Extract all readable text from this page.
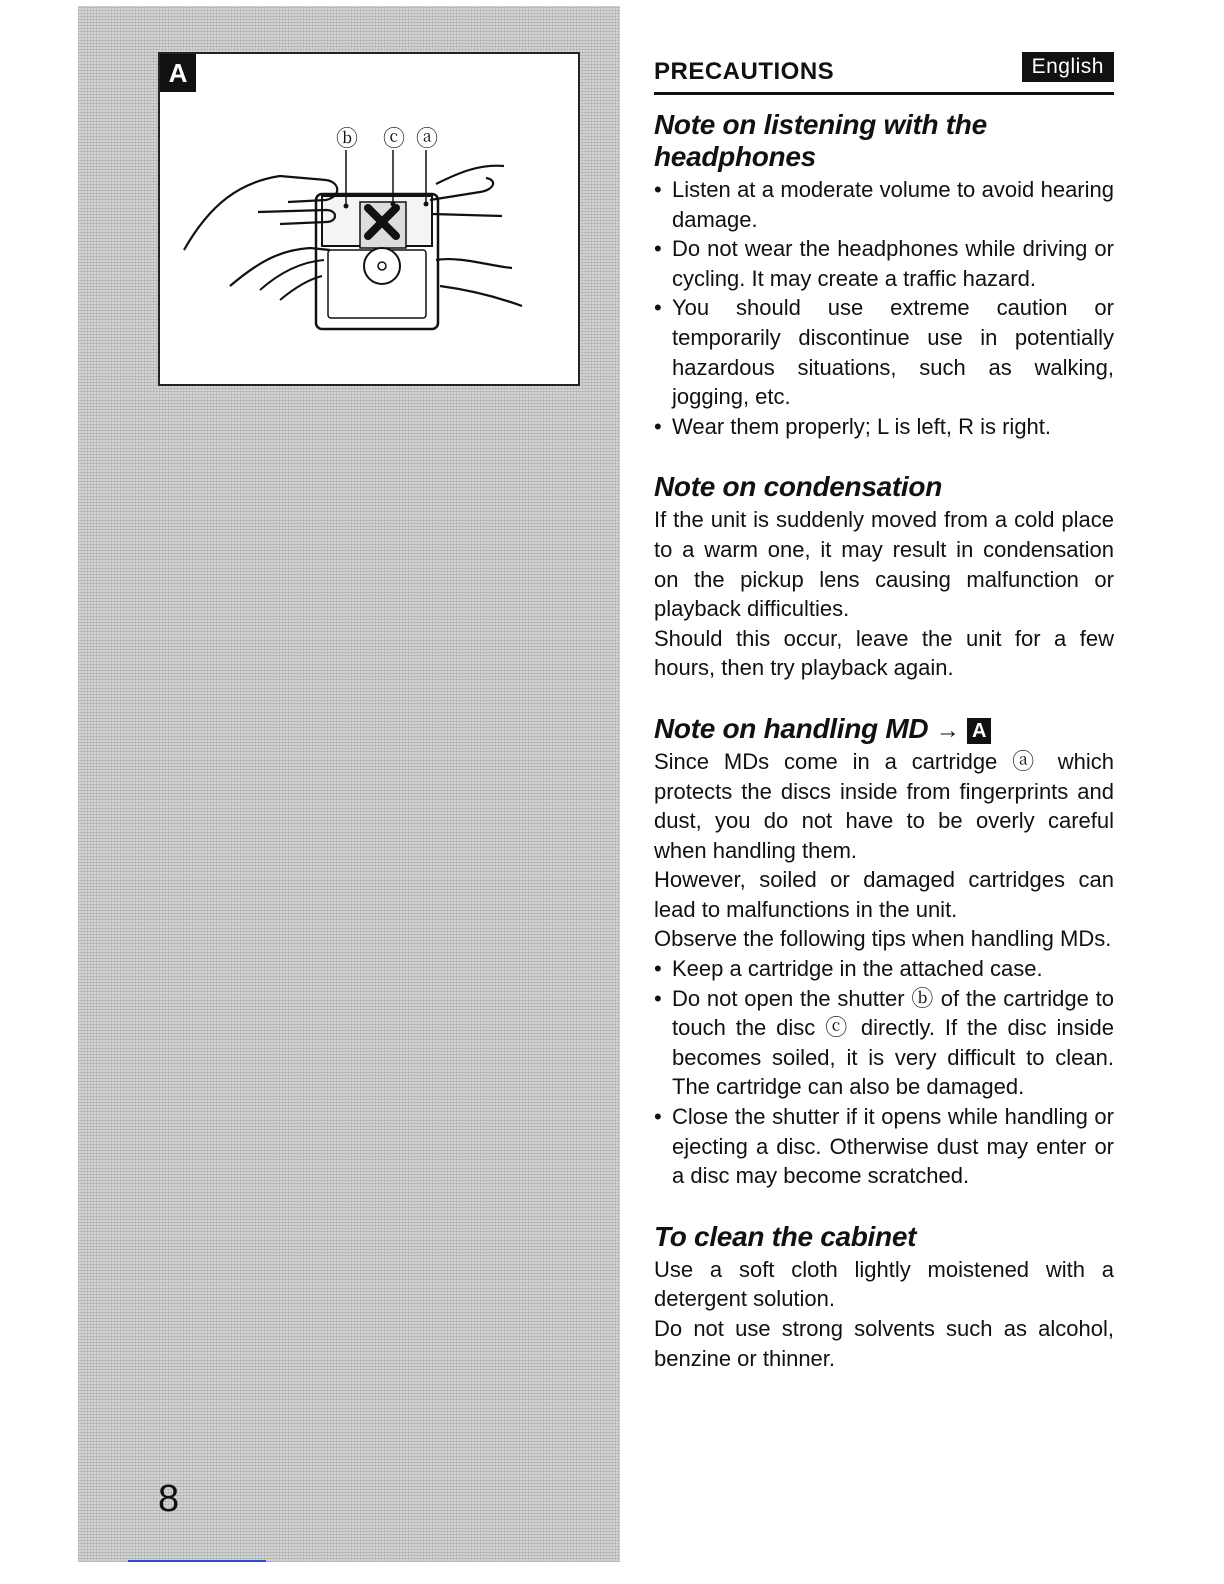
ⓑ ⓒ ⓐ
A
8
PRECAUTIONS	English
Note on listening with the headphones
• Listen at a moderate volume to avoid hearing damage.
• Do not wear the headphones while driving or cycling. It may create a traffic hazard.
• You should use extreme caution or temporarily discontinue use in potentially hazardous situations, such as walking, jogging, etc.
• Wear them properly; L is left, R is right.
Note on condensation

If the unit is suddenly moved from a cold place to a warm one, it may result in condensation on the pickup lens causing malfunction or playback difficulties.

Should this occur, leave the unit for a few hours, then try playback again.

Note on handling MD → A

Since MDs come in a cartridge ⓐ which protects the discs inside from fingerprints and dust, you do not have to be overly careful when handling them.

However, soiled or damaged cartridges can lead to malfunctions in the unit.

Observe the following tips when handling MDs.

• Keep a cartridge in the attached case.
• Do not open the shutter ⓑ of the cartridge to touch the disc ⓒ directly. If the disc inside becomes soiled, it is very difficult to clean. The cartridge can also be damaged.
• Close the shutter if it opens while handling or ejecting a disc. Otherwise dust may enter or a disc may become scratched.
To clean the cabinet

Use a soft cloth lightly moistened with a detergent solution.

Do not use strong solvents such as alcohol, benzine or thinner.
